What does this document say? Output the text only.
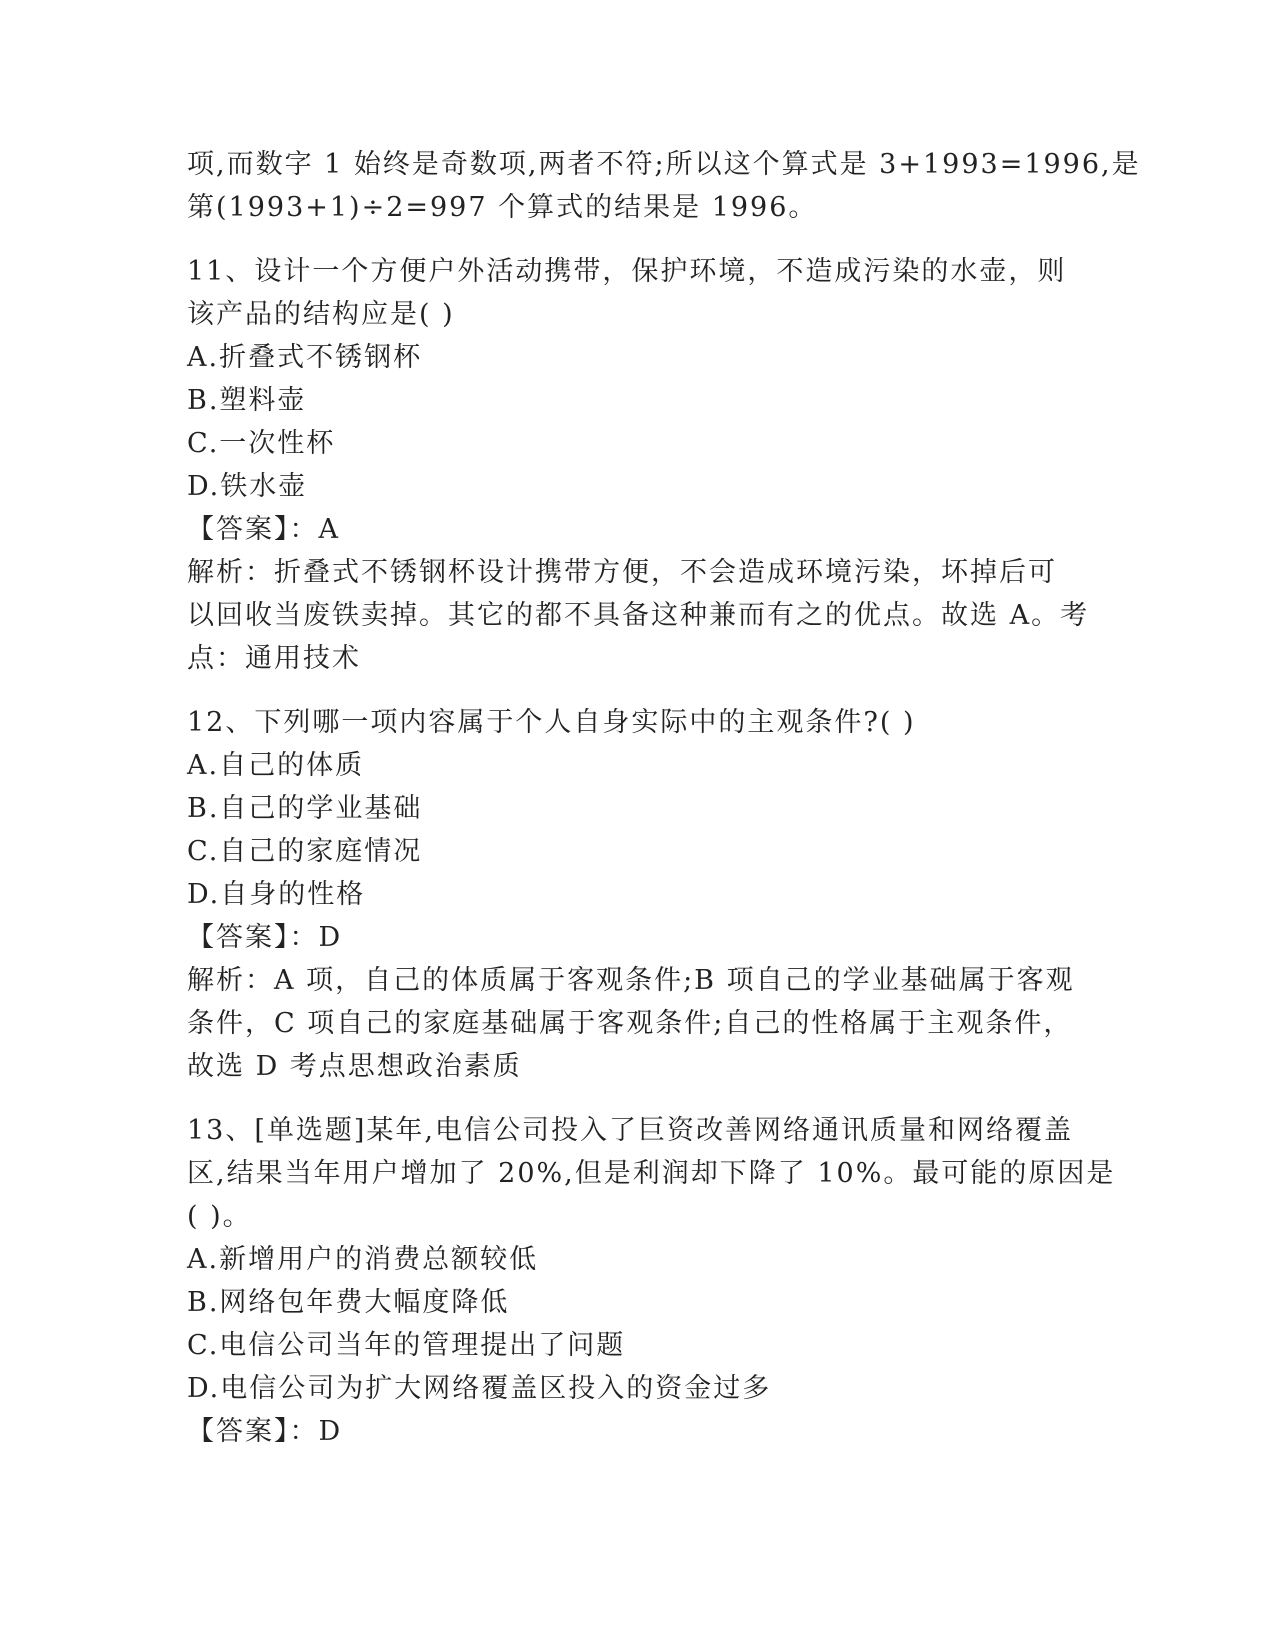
项,而数字 1 始终是奇数项,两者不符;所以这个算式是 3+1993=1996,是
第(1993+1)÷2=997 个算式的结果是 1996。
11、设计一个方便户外活动携带，保护环境，不造成污染的水壶，则
该产品的结构应是( )
A.折叠式不锈钢杯
B.塑料壶
C.一次性杯
D.铁水壶
【答案】：A
解析：折叠式不锈钢杯设计携带方便，不会造成环境污染，坏掉后可
以回收当废铁卖掉。其它的都不具备这种兼而有之的优点。故选 A。考
点：通用技术
12、下列哪一项内容属于个人自身实际中的主观条件?( )
A.自己的体质
B.自己的学业基础
C.自己的家庭情况
D.自身的性格
【答案】：D
解析：A 项，自己的体质属于客观条件;B 项自己的学业基础属于客观
条件，C 项自己的家庭基础属于客观条件;自己的性格属于主观条件，
故选 D 考点思想政治素质
13、[单选题]某年,电信公司投入了巨资改善网络通讯质量和网络覆盖
区,结果当年用户增加了 20%,但是利润却下降了 10%。最可能的原因是
( )。
A.新增用户的消费总额较低
B.网络包年费大幅度降低
C.电信公司当年的管理提出了问题
D.电信公司为扩大网络覆盖区投入的资金过多
【答案】：D
